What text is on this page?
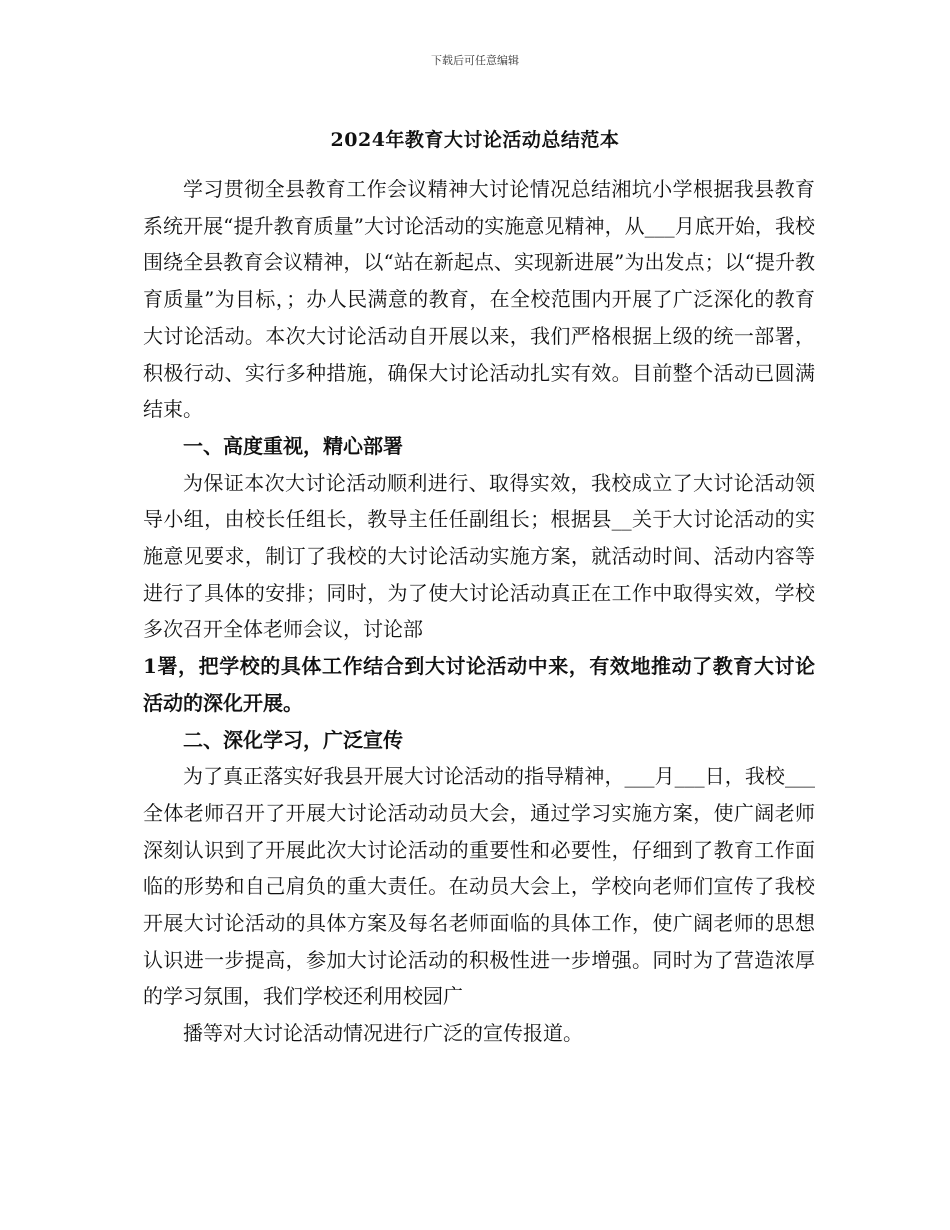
下载后可任意编辑
2024年教育大讨论活动总结范本

学习贯彻全县教育工作会议精神大讨论情况总结湘坑小学根据我县教育系统开展“提升教育质量”大讨论活动的实施意见精神，从___月底开始，我校围绕全县教育会议精神，以“站在新起点、实现新进展”为出发点；以“提升教育质量”为目标，；办人民满意的教育，在全校范围内开展了广泛深化的教育大讨论活动。本次大讨论活动自开展以来，我们严格根据上级的统一部署，积极行动、实行多种措施，确保大讨论活动扎实有效。目前整个活动已圆满结束。

一、高度重视，精心部署

为保证本次大讨论活动顺利进行、取得实效，我校成立了大讨论活动领导小组，由校长任组长，教导主任任副组长；根据县__关于大讨论活动的实施意见要求，制订了我校的大讨论活动实施方案，就活动时间、活动内容等进行了具体的安排；同时，为了使大讨论活动真正在工作中取得实效，学校多次召开全体老师会议，讨论部

1署，把学校的具体工作结合到大讨论活动中来，有效地推动了教育大讨论活动的深化开展。

二、深化学习，广泛宣传

为了真正落实好我县开展大讨论活动的指导精神，___月___日，我校___全体老师召开了开展大讨论活动动员大会，通过学习实施方案，使广阔老师深刻认识到了开展此次大讨论活动的重要性和必要性，仔细到了教育工作面临的形势和自己肩负的重大责任。在动员大会上，学校向老师们宣传了我校开展大讨论活动的具体方案及每名老师面临的具体工作，使广阔老师的思想认识进一步提高，参加大讨论活动的积极性进一步增强。同时为了营造浓厚的学习氛围，我们学校还利用校园广

播等对大讨论活动情况进行广泛的宣传报道。
